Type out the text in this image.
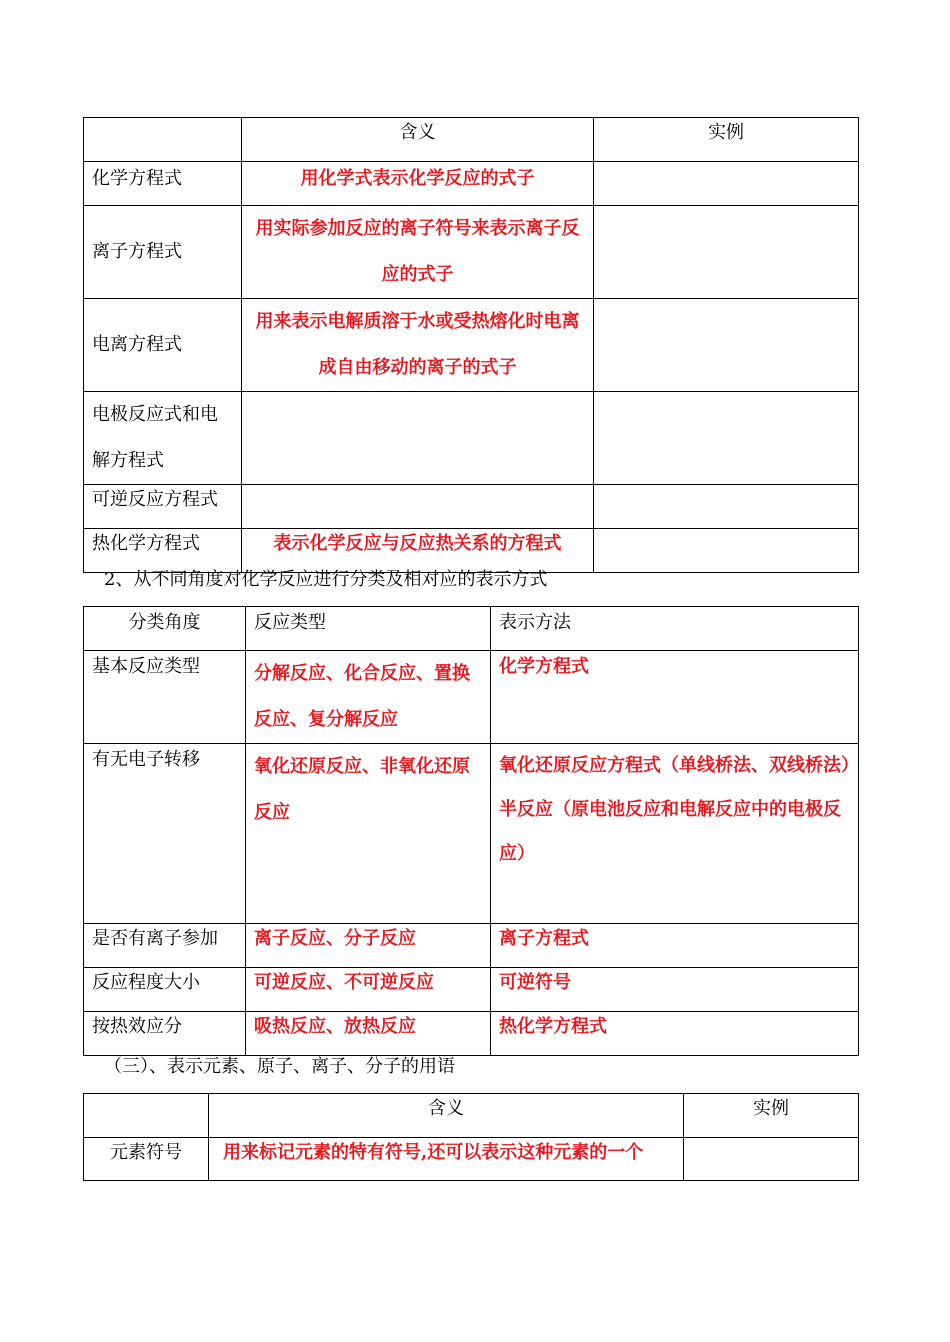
	含义	实例
化学方程式	用化学式表示化学反应的式子	
离子方程式	用实际参加反应的离子符号来表示离子反应的式子	
电离方程式	用来表示电解质溶于水或受热熔化时电离成自由移动的离子的式子	
电极反应式和电解方程式		
可逆反应方程式		
热化学方程式	表示化学反应与反应热关系的方程式	
2、从不同角度对化学反应进行分类及相对应的表示方式
分类角度	反应类型	表示方法
基本反应类型	分解反应、化合反应、置换反应、复分解反应	化学方程式
有无电子转移	氧化还原反应、非氧化还原反应	氧化还原反应方程式（单线桥法、双线桥法）
半反应（原电池反应和电解反应中的电极反应）

是否有离子参加	离子反应、分子反应	离子方程式
反应程度大小	可逆反应、不可逆反应	可逆符号
按热效应分	吸热反应、放热反应	热化学方程式
（三）、表示元素、原子、离子、分子的用语
	含义	实例
元素符号	用来标记元素的特有符号,还可以表示这种元素的一个	
